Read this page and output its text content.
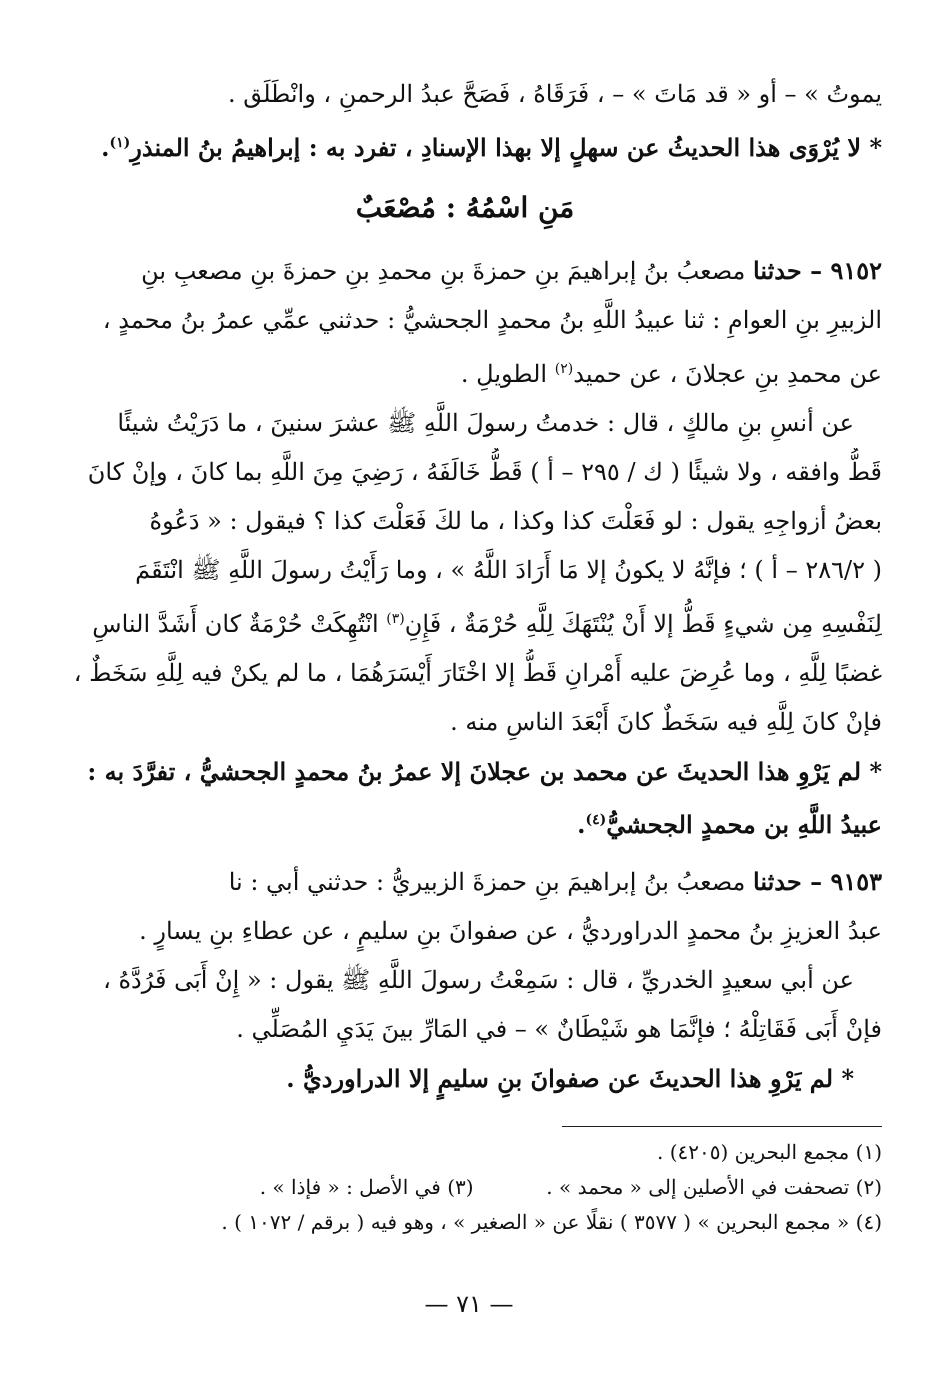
يموتُ » – أو « قد مَاتَ » – ، فَرَقَاهُ ، فَصَحَّ عبدُ الرحمنِ ، وانْطَلَق .
* لا يُرْوَى هذا الحديثُ عن سهلٍ إلا بهذا الإسنادِ ، تفرد به : إبراهيمُ بنُ المنذرِ$^{(١)}$.
مَنِ اسْمُهُ : مُصْعَبٌ
٩١٥٢ – حدثنا مصعبُ بنُ إبراهيمَ بنِ حمزةَ بنِ محمدِ بنِ حمزةَ بنِ مصعبِ بنِ
الزبيرِ بنِ العوامِ : ثنا عبيدُ اللَّهِ بنُ محمدٍ الجحشيُّ : حدثني عمِّي عمرُ بنُ محمدٍ ،
عن محمدِ بنِ عجلانَ ، عن حميد$^{(٢)}$ الطويلِ .
عن أنسِ بنِ مالكٍ ، قال : خدمتُ رسولَ اللَّهِ ﷺ عشرَ سنينَ ، ما دَرَيْتُ شيئًا
قَطُّ وافقه ، ولا شيئًا ( ك / ٢٩٥ – أ ) قَطُّ خَالَفَهُ ، رَضِيَ مِنَ اللَّهِ بما كانَ ، وإنْ كانَ
بعضُ أزواجِهِ يقول : لو فَعَلْتَ كذا وكذا ، ما لكَ فَعَلْتَ كذا ؟ فيقول : « دَعُوهُ
( ٢٨٦/٢ – أ ) ؛ فإنَّهُ لا يكونُ إلا مَا أَرَادَ اللَّهُ » ، وما رَأَيْتُ رسولَ اللَّهِ ﷺ انْتَقَمَ
لِنَفْسِهِ مِن شيءٍ قَطُّ إلا أَنْ يُنْتَهَكَ لِلَّهِ حُرْمَةٌ ، فَإِنِ$^{(٣)}$ انْتُهِكَتْ حُرْمَةٌ كان أَشَدَّ الناسِ
غضبًا لِلَّهِ ، وما عُرِضَ عليه أَمْرانِ قَطُّ إلا اخْتَارَ أَيْسَرَهُمَا ، ما لم يكنْ فيه لِلَّهِ سَخَطٌ ،
فإنْ كانَ لِلَّهِ فيه سَخَطٌ كانَ أَبْعَدَ الناسِ منه .
* لم يَرْوِ هذا الحديثَ عن محمد بن عجلانَ إلا عمرُ بنُ محمدٍ الجحشيُّ ، تفرَّدَ به :
عبيدُ اللَّهِ بن محمدٍ الجحشيُّ$^{(٤)}$.
٩١٥٣ – حدثنا مصعبُ بنُ إبراهيمَ بنِ حمزةَ الزبيريُّ : حدثني أبي : نا
عبدُ العزيزِ بنُ محمدٍ الدراورديُّ ، عن صفوانَ بنِ سليمٍ ، عن عطاءِ بنِ يسارٍ .
عن أبي سعيدٍ الخدريِّ ، قال : سَمِعْتُ رسولَ اللَّهِ ﷺ يقول : « إِنْ أَبَى فَرُدَّهُ ،
فإنْ أَبَى فَقَاتِلْهُ ؛ فإنَّمَا هو شَيْطَانٌ » – في المَارِّ بينَ يَدَيِ المُصَلِّي .
* لم يَرْوِ هذا الحديثَ عن صفوانَ بنِ سليمٍ إلا الدراورديُّ .
(١) مجمع البحرين (٤٢٠٥) .
(٢) تصحفت في الأصلين إلى « محمد » .  (٣) في الأصل : « فإذا » .
(٤) « مجمع البحرين » ( ٣٥٧٧ ) نقلًا عن « الصغير » ، وهو فيه ( برقم / ١٠٧٢ ) .
— ٧١ —
